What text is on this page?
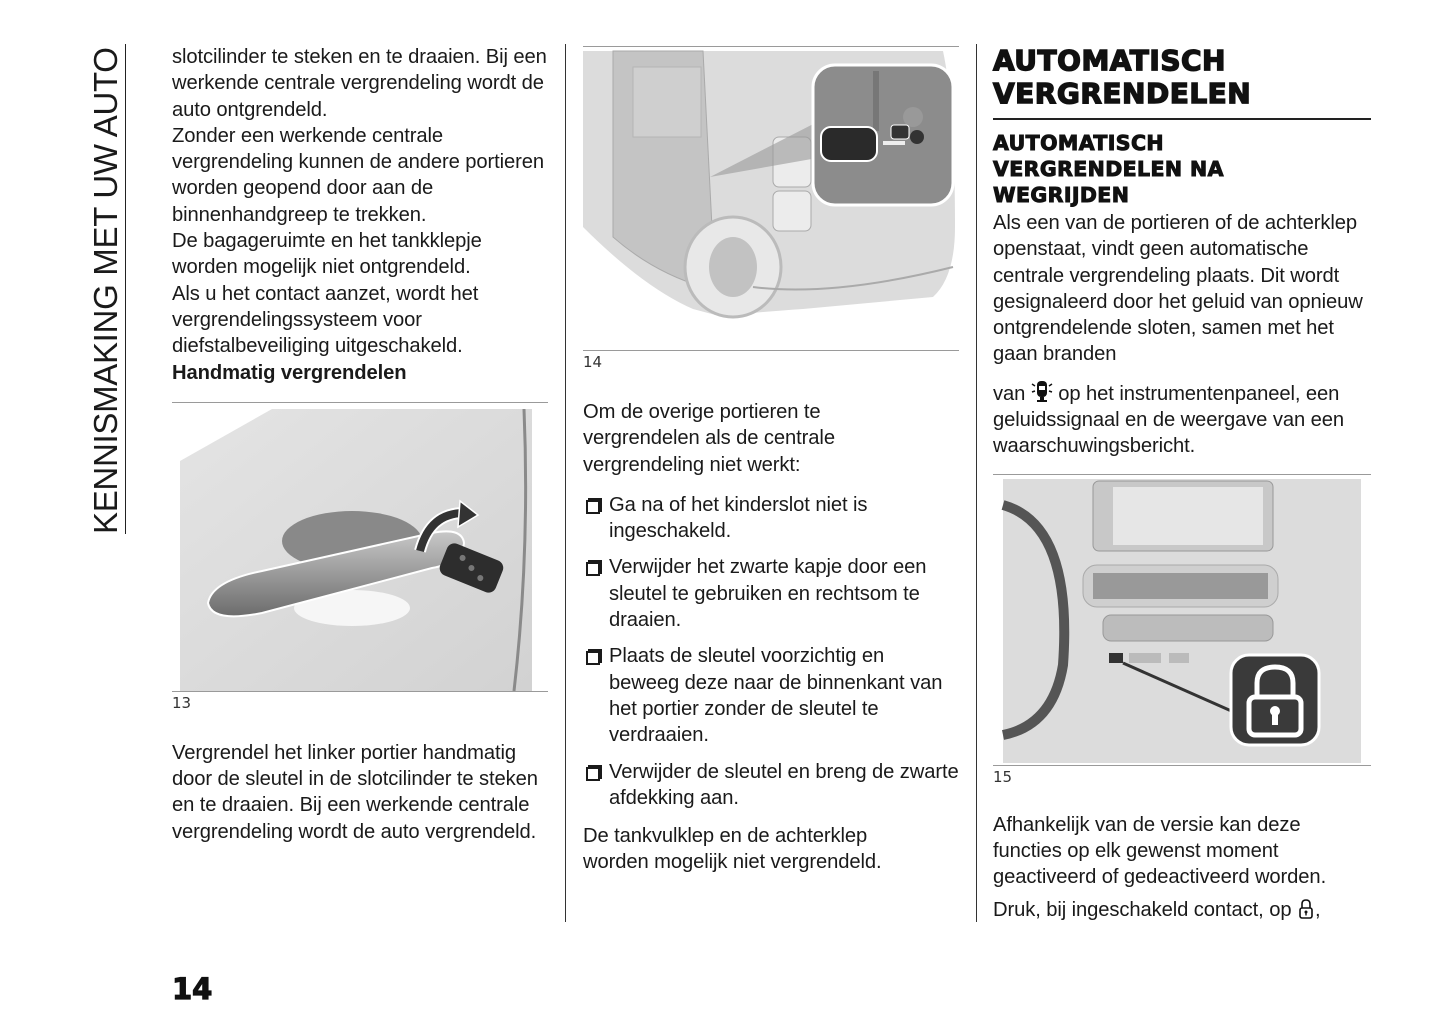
KENNISMAKING MET UW AUTO slotcilinder te steken en te draaien. Bij een werkende centrale vergrendeling wordt de auto ontgrendeld.

Zonder een werkende centrale vergrendeling kunnen de andere portieren worden geopend door aan de binnenhandgreep te trekken.

De bagageruimte en het tankklepje worden mogelijk niet ontgrendeld.

Als u het contact aanzet, wordt het vergrendelingssysteem voor diefstalbeveiliging uitgeschakeld.

Handmatig vergrendelen

13

Vergrendel het linker portier handmatig door de sleutel in de slotcilinder te steken en te draaien. Bij een werkende centrale vergrendeling wordt de auto vergrendeld.

14

Om de overige portieren te vergrendelen als de centrale vergrendeling niet werkt:

Ga na of het kinderslot niet is ingeschakeld.
Verwijder het zwarte kapje door een sleutel te gebruiken en rechtsom te draaien.
Plaats de sleutel voorzichtig en beweeg deze naar de binnenkant van het portier zonder de sleutel te verdraaien.
Verwijder de sleutel en breng de zwarte afdekking aan.

De tankvulklep en de achterklep worden mogelijk niet vergrendeld.

AUTOMATISCH
VERGRENDELEN
AUTOMATISCH
VERGRENDELEN NA
WEGRIJDEN

Als een van de portieren of de achterklep openstaat, vindt geen automatische centrale vergrendeling plaats. Dit wordt gesignaleerd door het geluid van opnieuw ontgrendelende sloten, samen met het gaan branden

van op het instrumentenpaneel, een geluidssignaal en de weergave van een waarschuwingsbericht.

15

Afhankelijk van de versie kan deze functies op elk gewenst moment geactiveerd of gedeactiveerd worden.

Druk, bij ingeschakeld contact, op ,

14
